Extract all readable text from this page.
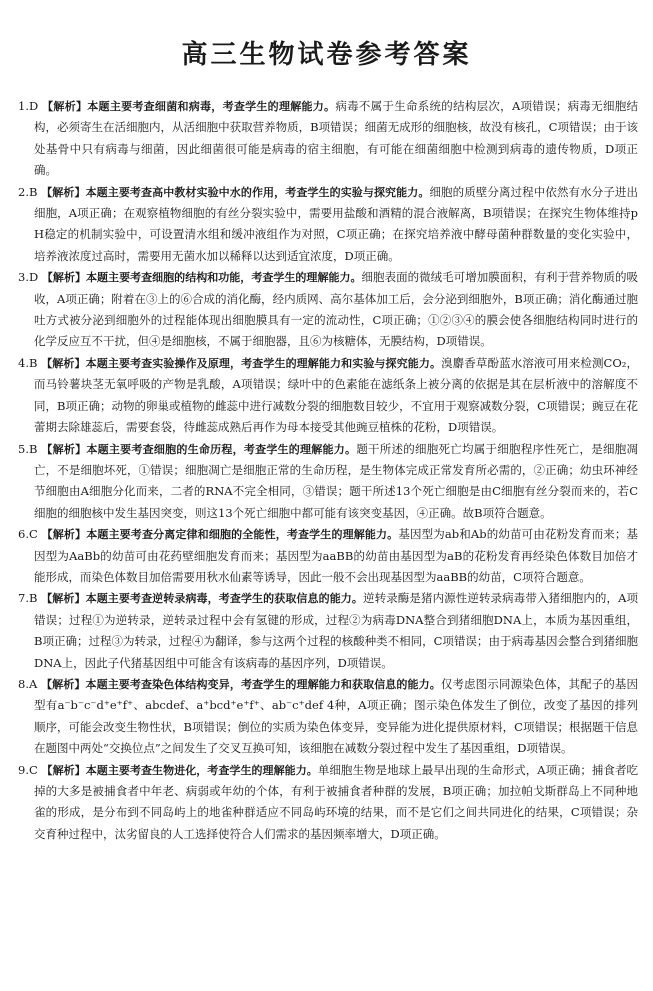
高三生物试卷参考答案

1.D 【解析】本题主要考查细菌和病毒，考查学生的理解能力。病毒不属于生命系统的结构层次，A项错误；病毒无细胞结构，必须寄生在活细胞内，从活细胞中获取营养物质，B项错误；细菌无成形的细胞核，故没有核孔，C项错误；由于该处基骨中只有病毒与细菌，因此细菌很可能是病毒的宿主细胞，有可能在细菌细胞中检测到病毒的遗传物质，D项正确。

2.B 【解析】本题主要考查高中教材实验中水的作用，考查学生的实验与探究能力。细胞的质壁分离过程中依然有水分子进出细胞，A项正确；在观察植物细胞的有丝分裂实验中，需要用盐酸和酒精的混合液解离，B项错误；在探究生物体维持pH稳定的机制实验中，可设置清水组和缓冲液组作为对照，C项正确；在探究培养液中酵母菌种群数量的变化实验中，培养液浓度过高时，需要用无菌水加以稀释以达到适宜浓度，D项正确。

3.D 【解析】本题主要考查细胞的结构和功能，考查学生的理解能力。细胞表面的微绒毛可增加膜面积，有利于营养物质的吸收，A项正确；附着在③上的⑥合成的消化酶，经内质网、高尔基体加工后，会分泌到细胞外，B项正确；消化酶通过胞吐方式被分泌到细胞外的过程能体现出细胞膜具有一定的流动性，C项正确；①②③④的膜会使各细胞结构同时进行的化学反应互不干扰，但④是细胞核，不属于细胞器，且⑥为核糖体，无膜结构，D项错误。

4.B 【解析】本题主要考查实验操作及原理，考查学生的理解能力和实验与探究能力。溴麝香草酚蓝水溶液可用来检测CO₂，而马铃薯块茎无氧呼吸的产物是乳酸，A项错误；绿叶中的色素能在滤纸条上被分离的依据是其在层析液中的溶解度不同，B项正确；动物的卵巢或植物的雌蕊中进行减数分裂的细胞数目较少，不宜用于观察减数分裂，C项错误；豌豆在花蕾期去除雄蕊后，需要套袋，待雌蕊成熟后再作为母本接受其他豌豆植株的花粉，D项错误。

5.B 【解析】本题主要考查细胞的生命历程，考查学生的理解能力。题干所述的细胞死亡均属于细胞程序性死亡，是细胞凋亡，不是细胞坏死，①错误；细胞凋亡是细胞正常的生命历程，是生物体完成正常发育所必需的，②正确；幼虫环神经节细胞由A细胞分化而来，二者的RNA不完全相同，③错误；题干所述13个死亡细胞是由C细胞有丝分裂而来的，若C细胞的细胞核中发生基因突变，则这13个死亡细胞中都可能有该突变基因，④正确。故B项符合题意。

6.C 【解析】本题主要考查分离定律和细胞的全能性，考查学生的理解能力。基因型为ab和Ab的幼苗可由花粉发育而来；基因型为AaBb的幼苗可由花药壁细胞发育而来；基因型为aaBB的幼苗由基因型为aB的花粉发育再经染色体数目加倍才能形成，而染色体数目加倍需要用秋水仙素等诱导，因此一般不会出现基因型为aaBB的幼苗，C项符合题意。

7.B 【解析】本题主要考查逆转录病毒，考查学生的获取信息的能力。逆转录酶是猪内源性逆转录病毒带入猪细胞内的，A项错误；过程①为逆转录，逆转录过程中会有氢键的形成，过程②为病毒DNA整合到猪细胞DNA上，本质为基因重组，B项正确；过程③为转录，过程④为翻译，参与这两个过程的核酸种类不相同，C项错误；由于病毒基因会整合到猪细胞DNA上，因此子代猪基因组中可能含有该病毒的基因序列，D项错误。

8.A 【解析】本题主要考查染色体结构变异，考查学生的理解能力和获取信息的能力。仅考虑图示同源染色体，其配子的基因型有a⁻b⁻c⁻d⁺e⁺f⁺、abcdef、a⁺bcd⁺e⁺f⁺、ab⁻c⁺def 4种，A项正确；图示染色体发生了倒位，改变了基因的排列顺序，可能会改变生物性状，B项错误；倒位的实质为染色体变异，变异能为进化提供原材料，C项错误；根据题干信息在题图中两处“交换位点”之间发生了交叉互换可知，该细胞在减数分裂过程中发生了基因重组，D项错误。

9.C 【解析】本题主要考查生物进化，考查学生的理解能力。单细胞生物是地球上最早出现的生命形式，A项正确；捕食者吃掉的大多是被捕食者中年老、病弱或年幼的个体，有利于被捕食者种群的发展，B项正确；加拉帕戈斯群岛上不同种地雀的形成，是分布到不同岛屿上的地雀种群适应不同岛屿环境的结果，而不是它们之间共同进化的结果，C项错误；杂交育种过程中，汰劣留良的人工选择使符合人们需求的基因频率增大，D项正确。
